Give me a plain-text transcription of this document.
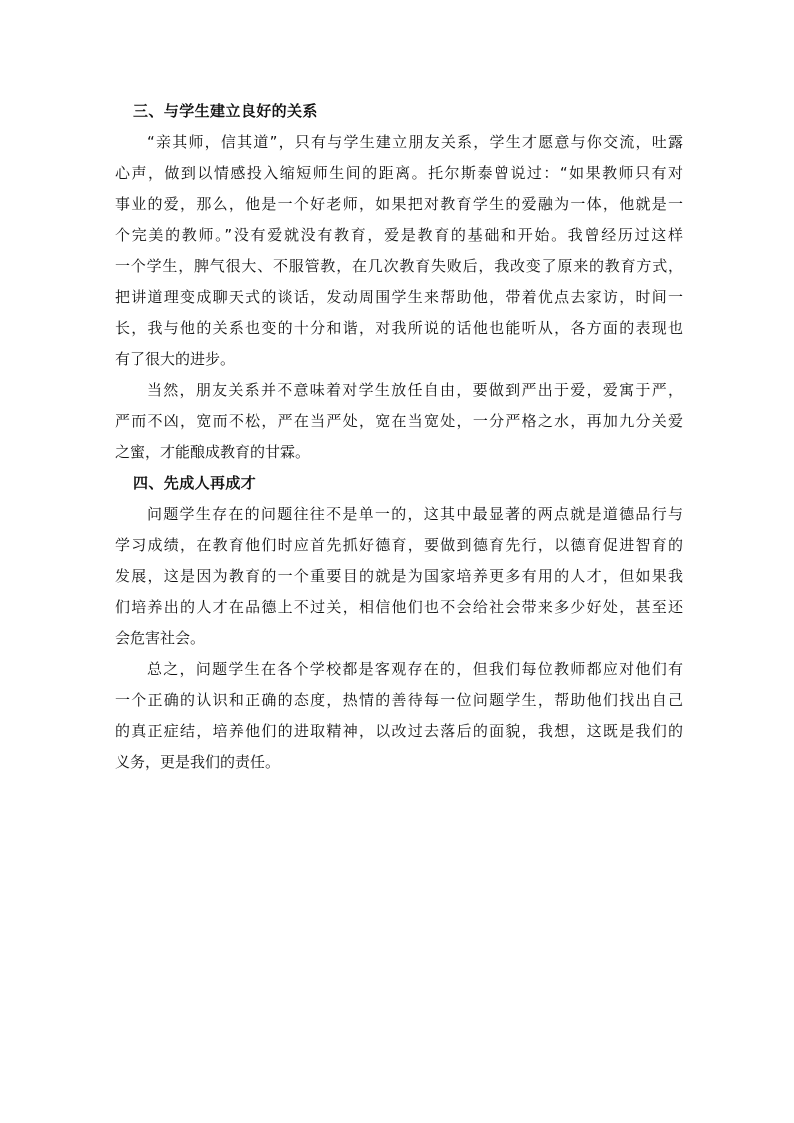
三、与学生建立良好的关系
“亲其师，信其道”，只有与学生建立朋友关系，学生才愿意与你交流，吐露
心声，做到以情感投入缩短师生间的距离。托尔斯泰曾说过：“如果教师只有对
事业的爱，那么，他是一个好老师，如果把对教育学生的爱融为一体，他就是一
个完美的教师。”没有爱就没有教育，爱是教育的基础和开始。我曾经历过这样
一个学生，脾气很大、不服管教，在几次教育失败后，我改变了原来的教育方式，
把讲道理变成聊天式的谈话，发动周围学生来帮助他，带着优点去家访，时间一
长，我与他的关系也变的十分和谐，对我所说的话他也能听从，各方面的表现也
有了很大的进步。
当然，朋友关系并不意味着对学生放任自由，要做到严出于爱，爱寓于严，
严而不凶，宽而不松，严在当严处，宽在当宽处，一分严格之水，再加九分关爱
之蜜，才能酿成教育的甘霖。
四、先成人再成才
问题学生存在的问题往往不是单一的，这其中最显著的两点就是道德品行与
学习成绩，在教育他们时应首先抓好德育，要做到德育先行，以德育促进智育的
发展，这是因为教育的一个重要目的就是为国家培养更多有用的人才，但如果我
们培养出的人才在品德上不过关，相信他们也不会给社会带来多少好处，甚至还
会危害社会。
总之，问题学生在各个学校都是客观存在的，但我们每位教师都应对他们有
一个正确的认识和正确的态度，热情的善待每一位问题学生，帮助他们找出自己
的真正症结，培养他们的进取精神，以改过去落后的面貌，我想，这既是我们的
义务，更是我们的责任。
